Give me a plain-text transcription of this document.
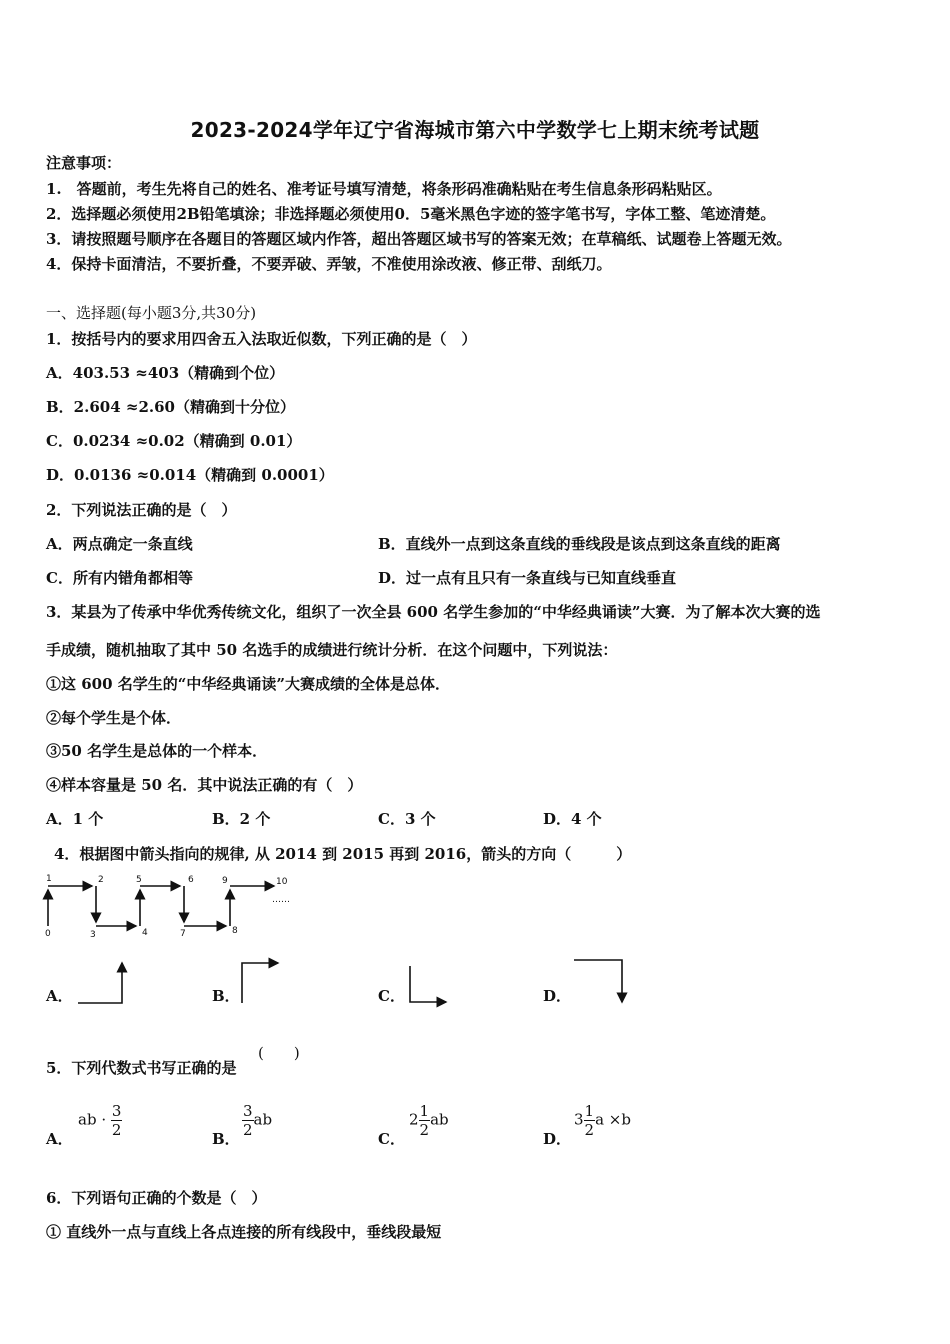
2023-2024学年辽宁省海城市第六中学数学七上期末统考试题
注意事项：
1.　答题前，考生先将自己的姓名、准考证号填写清楚，将条形码准确粘贴在考生信息条形码粘贴区。
2．选择题必须使用2B铅笔填涂；非选择题必须使用0．5毫米黑色字迹的签字笔书写，字体工整、笔迹清楚。
3．请按照题号顺序在各题目的答题区域内作答，超出答题区域书写的答案无效；在草稿纸、试题卷上答题无效。
4．保持卡面清洁，不要折叠，不要弄破、弄皱，不准使用涂改液、修正带、刮纸刀。
一、选择题(每小题3分,共30分)
1．按括号内的要求用四舍五入法取近似数，下列正确的是（　）
A．403.53 ≈403（精确到个位）
B．2.604 ≈2.60（精确到十分位）
C．0.0234 ≈0.02（精确到 0.01）
D．0.0136 ≈0.014（精确到 0.0001）
2．下列说法正确的是（　）
A．两点确定一条直线	B．直线外一点到这条直线的垂线段是该点到这条直线的距离
C．所有内错角都相等	D．过一点有且只有一条直线与已知直线垂直
3．某县为了传承中华优秀传统文化，组织了一次全县 600 名学生参加的“中华经典诵读”大赛．为了解本次大赛的选
手成绩，随机抽取了其中 50 名选手的成绩进行统计分析．在这个问题中，下列说法：
①这 600 名学生的“中华经典诵读”大赛成绩的全体是总体．
②每个学生是个体．
③50 名学生是总体的一个样本．
④样本容量是 50 名．其中说法正确的有（　）
A．1 个	B．2 个	C．3 个	D．4 个
4．根据图中箭头指向的规律, 从 2014 到 2015 再到 2016，箭头的方向（　　　）
0
1	2
3	4
5	6
7	8
9	10
……
A．	B．	C．	D．
5．下列代数式书写正确的是
(　　)
A．
ab · $\frac{3}{2}$	B． $\frac{3}{2}$ ab
C．
$2 \frac{1}{2}$ ab
D．
$3 \frac{1}{2}$ a ×b
6．下列语句正确的个数是（　）
① 直线外一点与直线上各点连接的所有线段中，垂线段最短
